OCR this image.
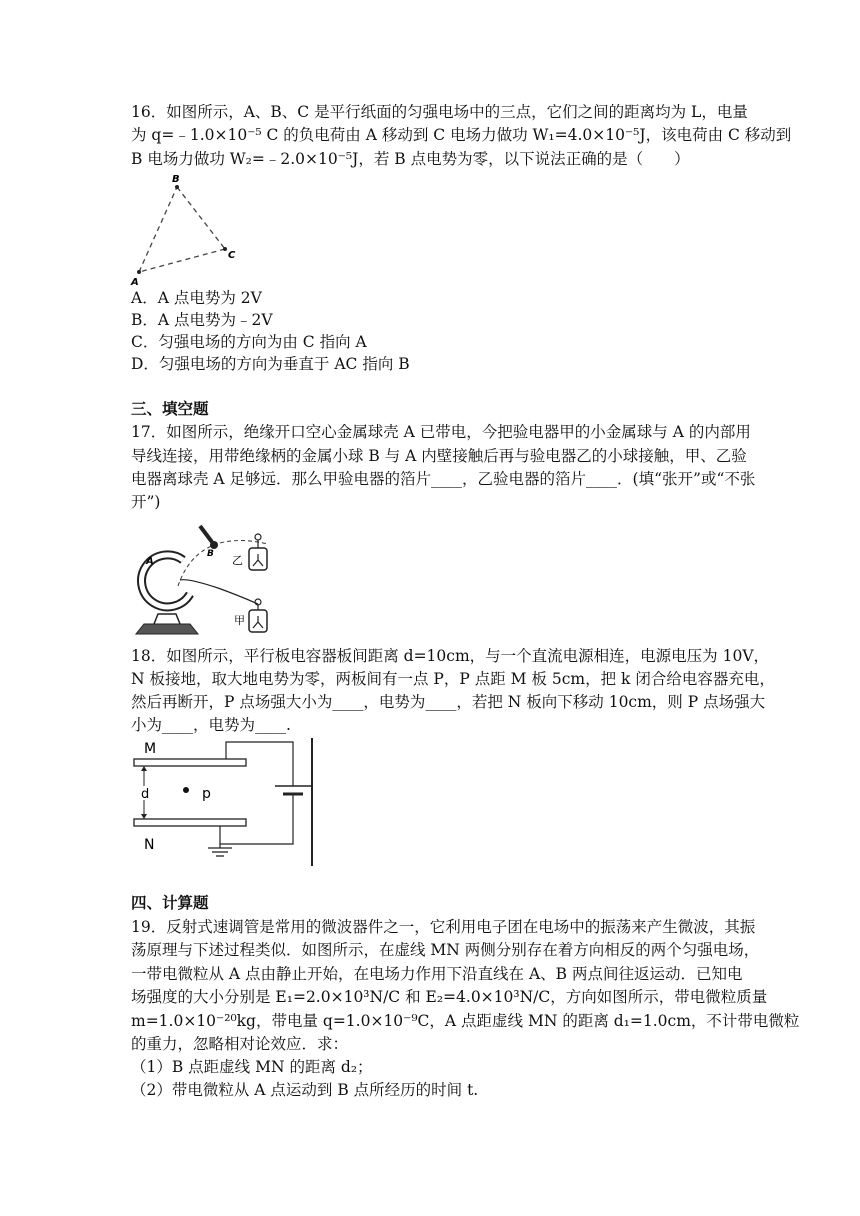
16．如图所示，A、B、C 是平行纸面的匀强电场中的三点，它们之间的距离均为 L，电量
为 q=﹣1.0×10⁻⁵ C 的负电荷由 A 移动到 C 电场力做功 W₁=4.0×10⁻⁵J，该电荷由 C 移动到
B 电场力做功 W₂=﹣2.0×10⁻⁵J，若 B 点电势为零，以下说法正确的是（　　）
A
B
C
A．A 点电势为 2V
B．A 点电势为﹣2V
C．匀强电场的方向为由 C 指向 A
D．匀强电场的方向为垂直于 AC 指向 B
三、填空题
17．如图所示，绝缘开口空心金属球壳 A 已带电，今把验电器甲的小金属球与 A 的内部用
导线连接，用带绝缘柄的金属小球 B 与 A 内壁接触后再与验电器乙的小球接触，甲、乙验
电器离球壳 A 足够远．那么甲验电器的箔片____，乙验电器的箔片____．(填“张开”或“不张
开”)
A
B 乙
甲
18．如图所示，平行板电容器板间距离 d=10cm，与一个直流电源相连，电源电压为 10V，
N 板接地，取大地电势为零，两板间有一点 P，P 点距 M 板 5cm，把 k 闭合给电容器充电，
然后再断开，P 点场强大小为____，电势为____，若把 N 板向下移动 10cm，则 P 点场强大
小为____，电势为____.
M
d	p
N
四、计算题
19．反射式速调管是常用的微波器件之一，它利用电子团在电场中的振荡来产生微波，其振
荡原理与下述过程类似．如图所示，在虚线 MN 两侧分别存在着方向相反的两个匀强电场，
一带电微粒从 A 点由静止开始，在电场力作用下沿直线在 A、B 两点间往返运动．已知电
场强度的大小分别是 E₁=2.0×10³N/C 和 E₂=4.0×10³N/C，方向如图所示，带电微粒质量
m=1.0×10⁻²⁰kg，带电量 q=1.0×10⁻⁹C，A 点距虚线 MN 的距离 d₁=1.0cm，不计带电微粒
的重力，忽略相对论效应．求：
（1）B 点距虚线 MN 的距离 d₂；
（2）带电微粒从 A 点运动到 B 点所经历的时间 t.
